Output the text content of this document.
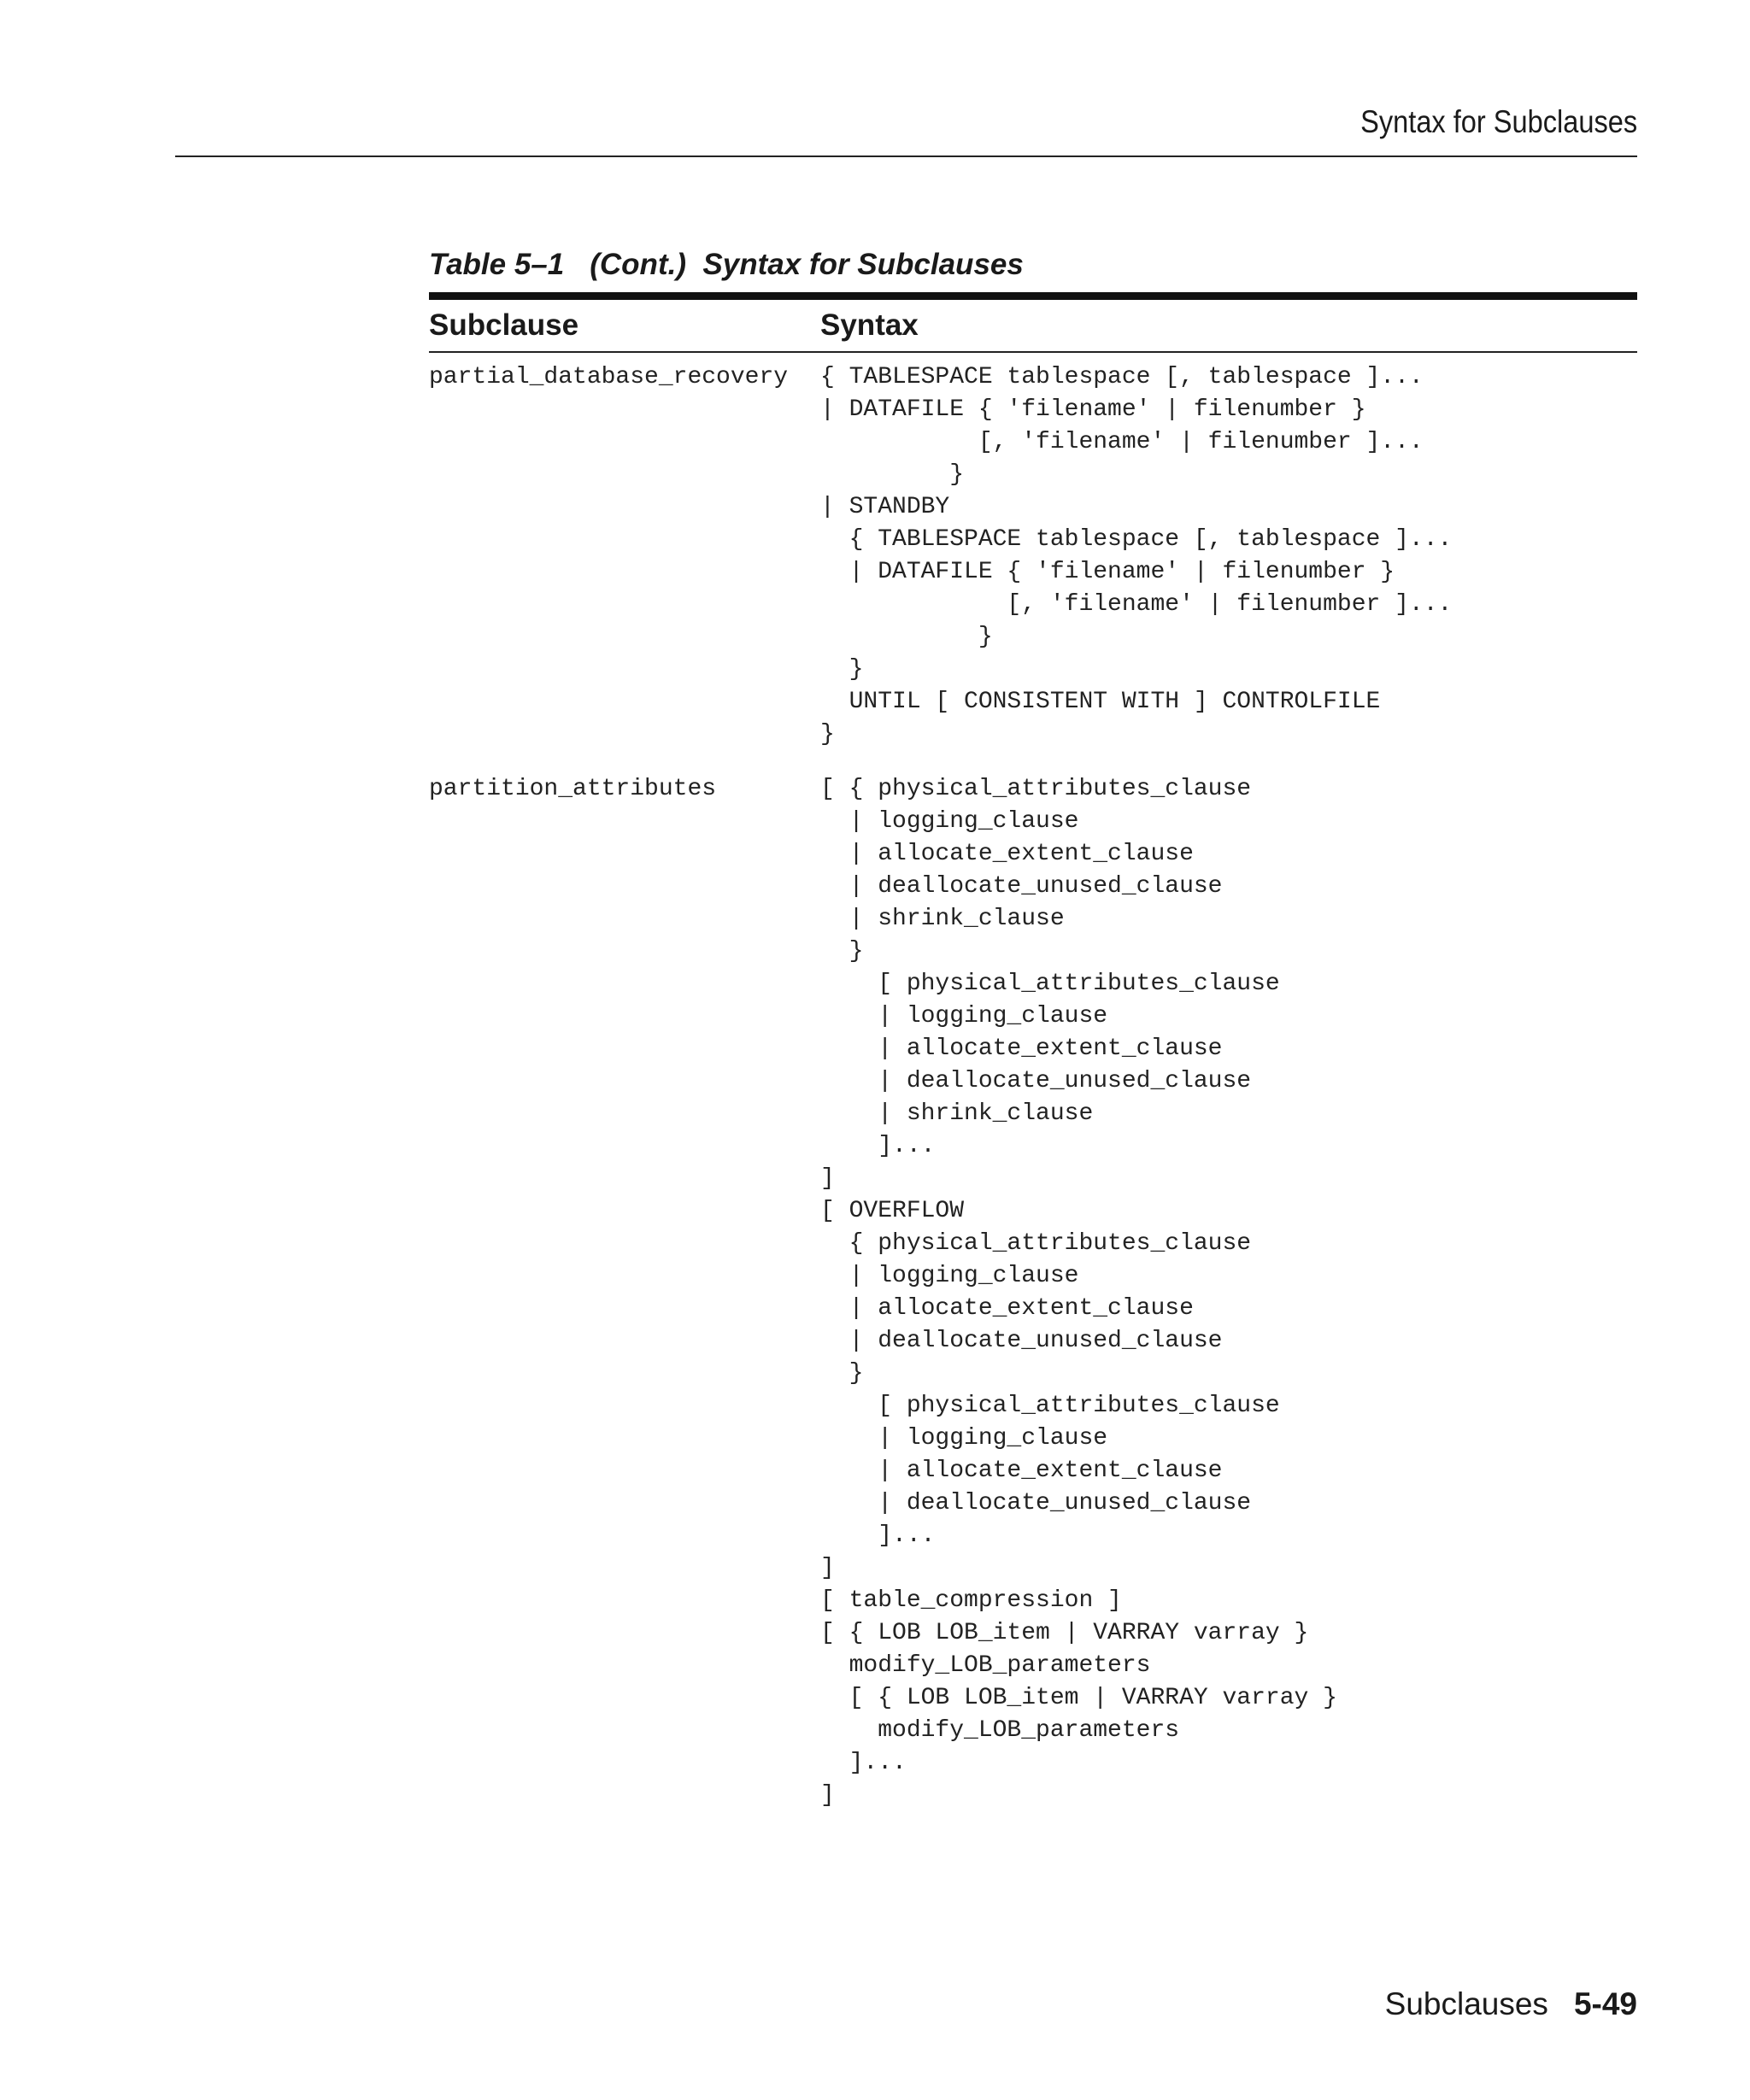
Syntax for Subclauses
Table 5–1 (Cont.)  Syntax for Subclauses
Subclause	Syntax
partial_database_recovery	{ TABLESPACE tablespace [, tablespace ]...
| DATAFILE { 'filename' | filenumber }
[, 'filename' | filenumber ]...
}
| STANDBY
{ TABLESPACE tablespace [, tablespace ]...
| DATAFILE { 'filename' | filenumber }
[, 'filename' | filenumber ]...
}
}
UNTIL [ CONSISTENT WITH ] CONTROLFILE
}
partition_attributes	[ { physical_attributes_clause
| logging_clause
| allocate_extent_clause
| deallocate_unused_clause
| shrink_clause
}
[ physical_attributes_clause
| logging_clause
| allocate_extent_clause
| deallocate_unused_clause
| shrink_clause
]...
]
[ OVERFLOW
{ physical_attributes_clause
| logging_clause
| allocate_extent_clause
| deallocate_unused_clause
}
[ physical_attributes_clause
| logging_clause
| allocate_extent_clause
| deallocate_unused_clause
]...
]
[ table_compression ]
[ { LOB LOB_item | VARRAY varray }
modify_LOB_parameters
[ { LOB LOB_item | VARRAY varray }
modify_LOB_parameters
]...
]
Subclauses 5-49
